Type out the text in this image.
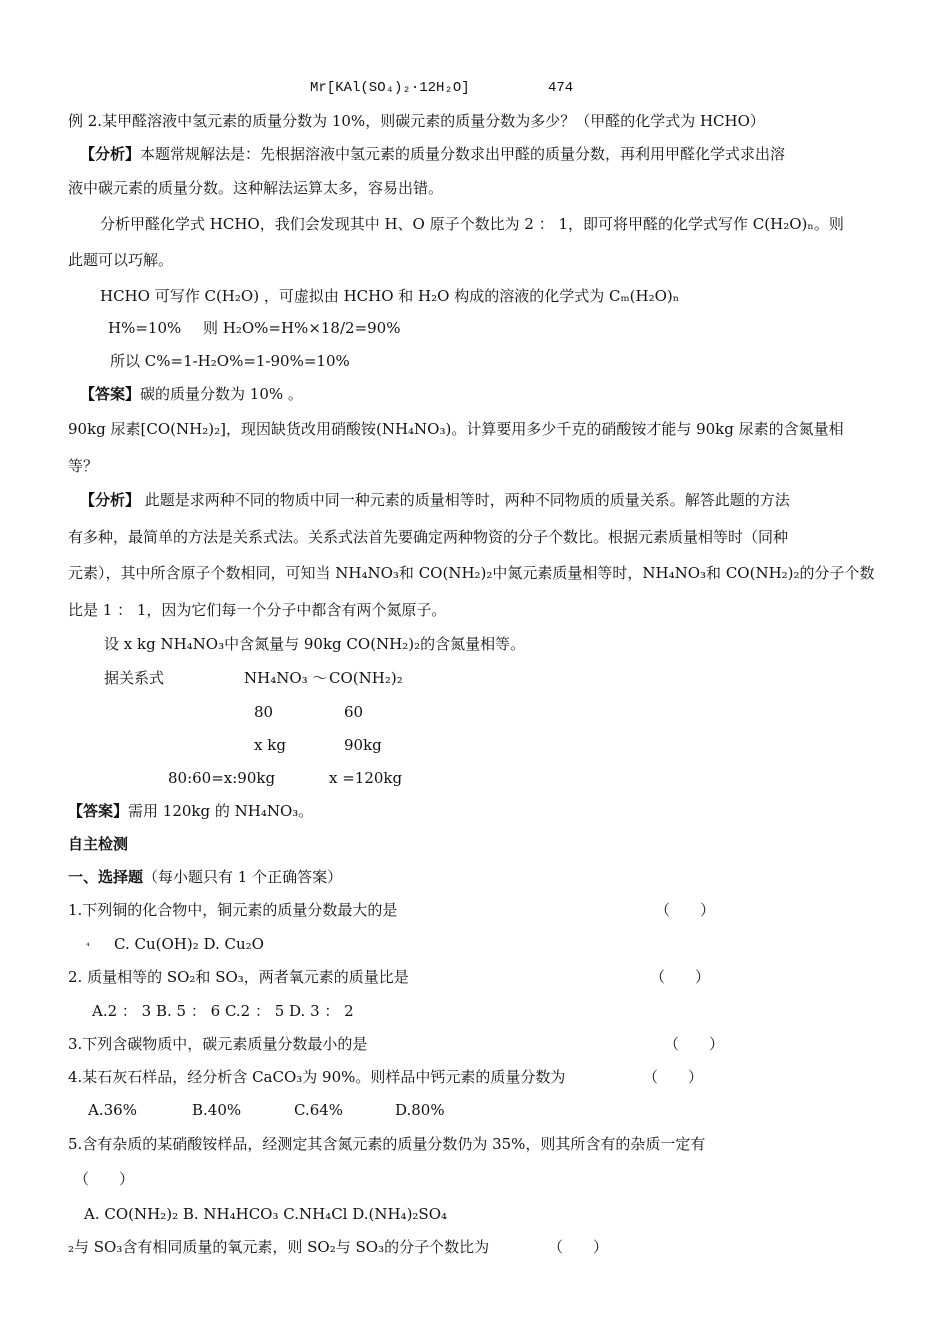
Mr[KAl(SO₄)₂·12H₂O]	474
例 2.某甲醛溶液中氢元素的质量分数为 10%，则碳元素的质量分数为多少？（甲醛的化学式为 HCHO）
【分析】本题常规解法是：先根据溶液中氢元素的质量分数求出甲醛的质量分数，再利用甲醛化学式求出溶
液中碳元素的质量分数。这种解法运算太多，容易出错。
分析甲醛化学式 HCHO，我们会发现其中 H、O 原子个数比为 2 ： 1，即可将甲醛的化学式写作 C(H₂O)ₙ。则
此题可以巧解。
HCHO 可写作 C(H₂O) ，可虚拟由 HCHO 和 H₂O 构成的溶液的化学式为 Cₘ(H₂O)ₙ
H%=10% 则 H₂O%=H%×18/2=90%
所以 C%=1-H₂O%=1-90%=10%
【答案】碳的质量分数为 10% 。
90kg 尿素[CO(NH₂)₂]，现因缺货改用硝酸铵(NH₄NO₃)。计算要用多少千克的硝酸铵才能与 90kg 尿素的含氮量相
等？
【分析】 此题是求两种不同的物质中同一种元素的质量相等时，两种不同物质的质量关系。解答此题的方法
有多种，最简单的方法是关系式法。关系式法首先要确定两种物资的分子个数比。根据元素质量相等时（同种
元素），其中所含原子个数相同，可知当 NH₄NO₃和 CO(NH₂)₂中氮元素质量相等时，NH₄NO₃和 CO(NH₂)₂的分子个数
比是 1 ： 1，因为它们每一个分子中都含有两个氮原子。
设 x kg NH₄NO₃中含氮量与 90kg CO(NH₂)₂的含氮量相等。
据关系式	NH₄NO₃ ～ CO(NH₂)₂
80	60
x kg	90kg
80:60=x:90kg	x =120kg
【答案】需用 120kg 的 NH₄NO₃。
自主检测
一、选择题（每小题只有 1 个正确答案）
1.下列铜的化合物中，铜元素的质量分数最大的是	（　　）
₄ C. Cu(OH)₂ D. Cu₂O
2. 质量相等的 SO₂和 SO₃，两者氧元素的质量比是	（　　）
A.2 ： 3 B. 5 ： 6 C.2 ： 5 D. 3 ： 2
3.下列含碳物质中，碳元素质量分数最小的是	（　　）
4.某石灰石样品，经分析含 CaCO₃为 90%。则样品中钙元素的质量分数为	（　　）
A.36%	B.40%	C.64%	D.80%
5.含有杂质的某硝酸铵样品，经测定其含氮元素的质量分数仍为 35%，则其所含有的杂质一定有
（　　）
A. CO(NH₂)₂ B. NH₄HCO₃ C.NH₄Cl D.(NH₄)₂SO₄
₂与 SO₃含有相同质量的氧元素，则 SO₂与 SO₃的分子个数比为	（　　）
